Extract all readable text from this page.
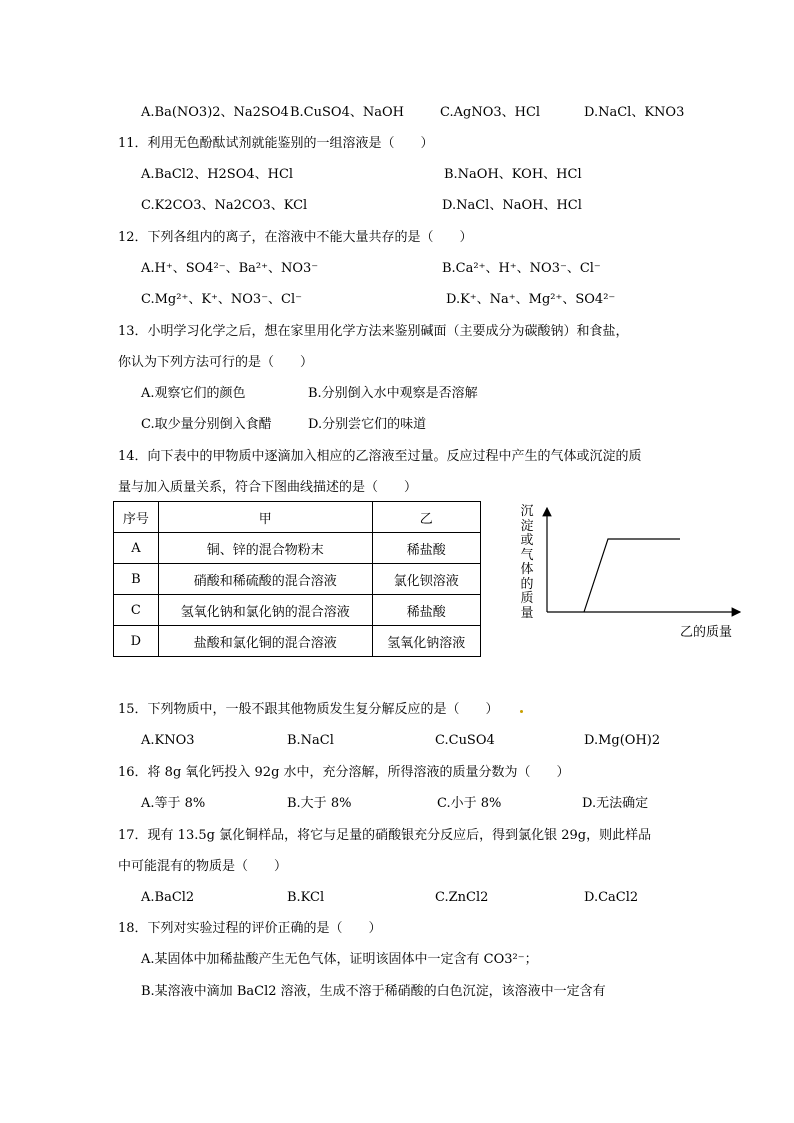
A.Ba(NO3)2、Na2SO4 B.CuSO4、NaOH	C.AgNO3、HCl	D.NaCl、KNO3
11．利用无色酚酞试剂就能鉴别的一组溶液是（　　）
A.BaCl2、H2SO4、HCl	B.NaOH、KOH、HCl
C.K2CO3、Na2CO3、KCl	D.NaCl、NaOH、HCl
12．下列各组内的离子，在溶液中不能大量共存的是（　　）
A.H⁺、SO4²⁻、Ba²⁺、NO3⁻	B.Ca²⁺、H⁺、NO3⁻、Cl⁻
C.Mg²⁺、K⁺、NO3⁻、Cl⁻	D.K⁺、Na⁺、Mg²⁺、SO4²⁻
13．小明学习化学之后，想在家里用化学方法来鉴别碱面（主要成分为碳酸钠）和食盐，
你认为下列方法可行的是（　　）
A.观察它们的颜色	B.分别倒入水中观察是否溶解
C.取少量分别倒入食醋	D.分别尝它们的味道
14．向下表中的甲物质中逐滴加入相应的乙溶液至过量。反应过程中产生的气体或沉淀的质
量与加入质量关系，符合下图曲线描述的是（　　）
序号	甲	乙
A	铜、锌的混合物粉末	稀盐酸
B	硝酸和稀硫酸的混合溶液	氯化钡溶液
C	氢氧化钠和氯化钠的混合溶液	稀盐酸
D	盐酸和氯化铜的混合溶液	氢氧化钠溶液
沉淀或气体的质量
乙的质量
15．下列物质中，一般不跟其他物质发生复分解反应的是（　　）
A.KNO3	B.NaCl	C.CuSO4	D.Mg(OH)2
16．将 8g 氧化钙投入 92g 水中，充分溶解，所得溶液的质量分数为（　　）
A.等于 8%	B.大于 8%	C.小于 8%	D.无法确定
17．现有 13.5g 氯化铜样品，将它与足量的硝酸银充分反应后，得到氯化银 29g，则此样品
中可能混有的物质是（　　）
A.BaCl2	B.KCl	C.ZnCl2	D.CaCl2
18．下列对实验过程的评价正确的是（　　）
A.某固体中加稀盐酸产生无色气体，证明该固体中一定含有 CO3²⁻；
B.某溶液中滴加 BaCl2 溶液，生成不溶于稀硝酸的白色沉淀，该溶液中一定含有
